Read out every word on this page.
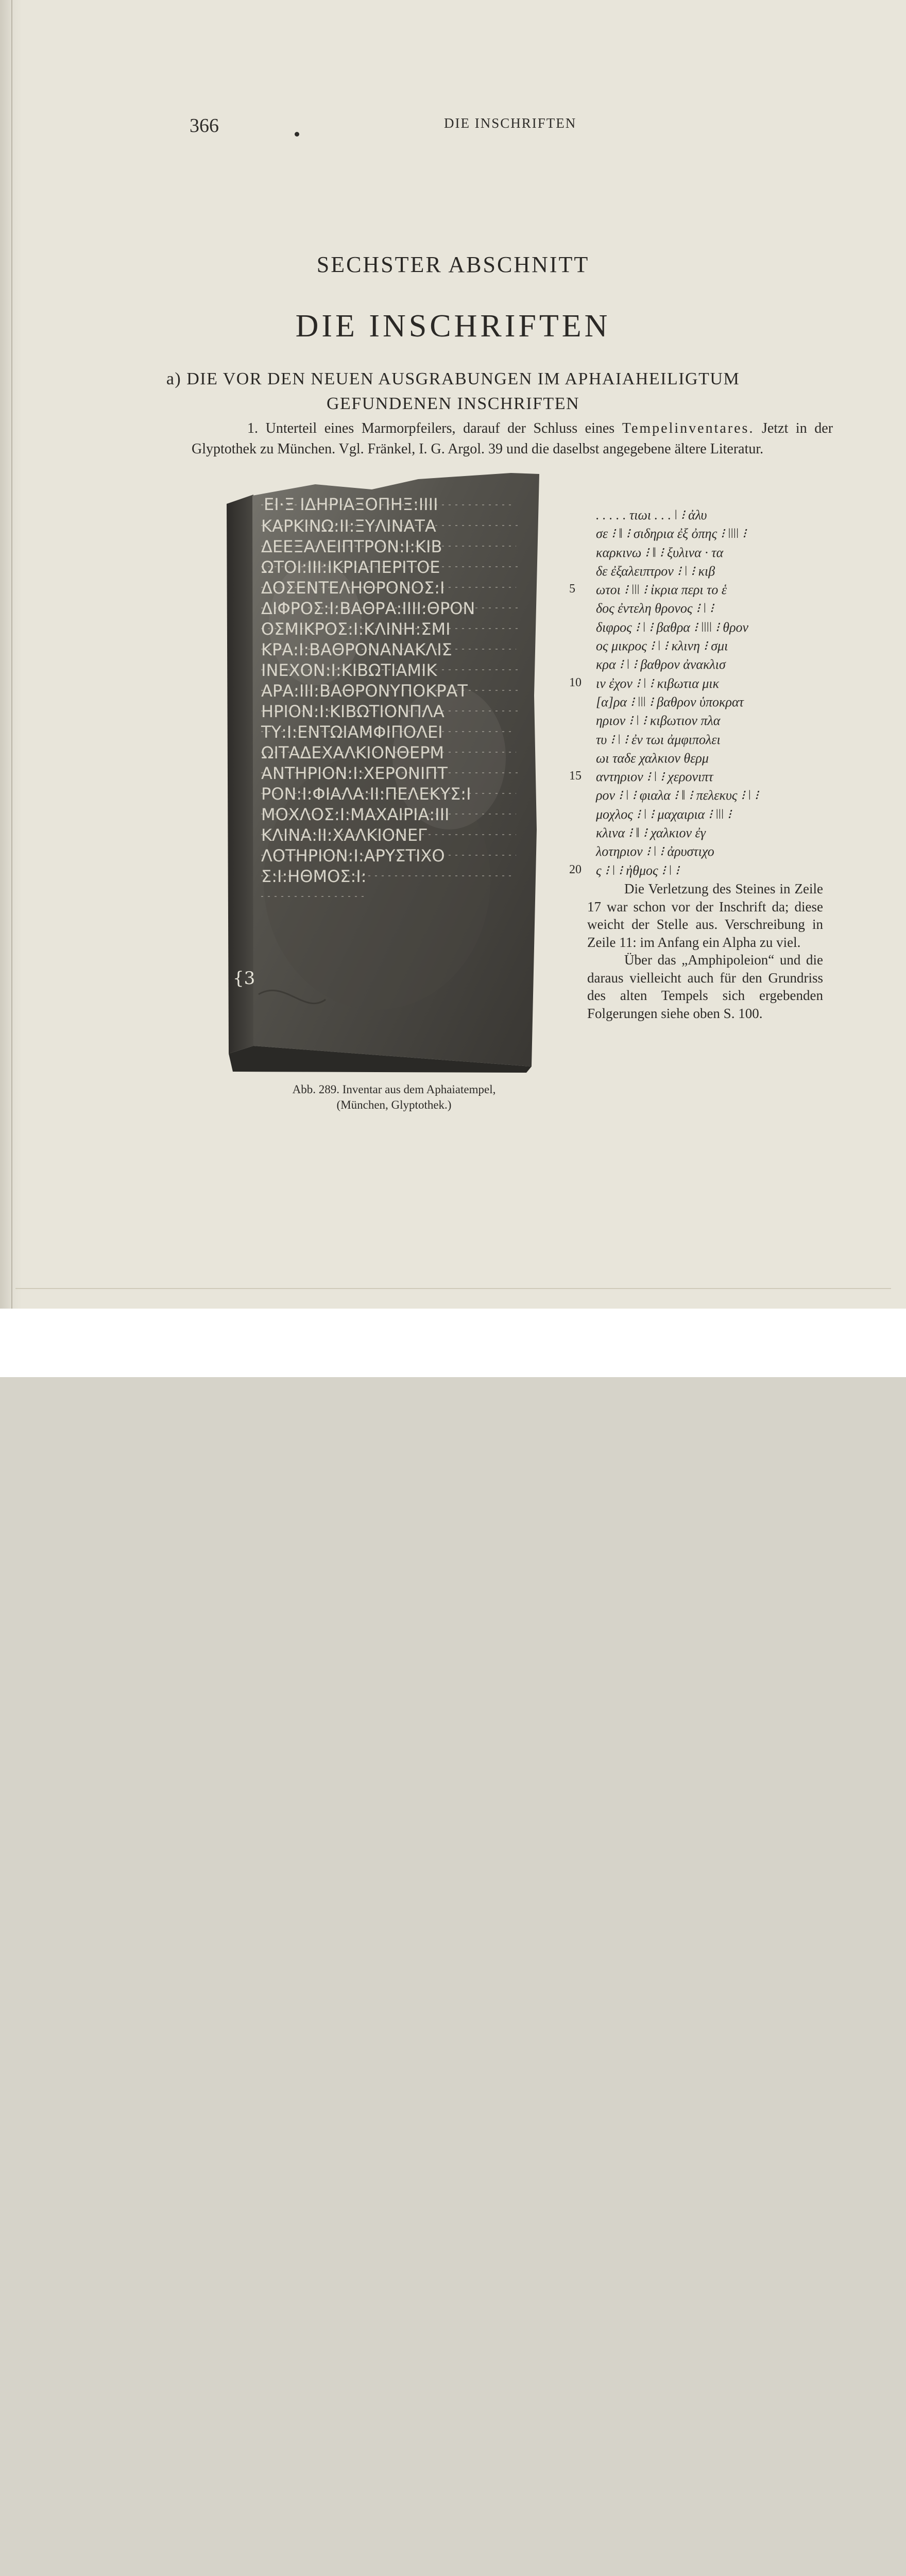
366	DIE INSCHRIFTEN
SECHSTER ABSCHNITT
DIE INSCHRIFTEN
a) DIE VOR DEN NEUEN AUSGRABUNGEN IM APHAIAHEILIGTUM
GEFUNDENEN INSCHRIFTEN
1. Unterteil eines Marmorpfeilers, darauf der Schluss eines Tempelinventares. Jetzt in der Glyptothek zu München. Vgl. Fränkel, I. G. Argol. 39 und die daselbst angegebene ältere Literatur.
ΕΙ·Ξ ΙΔΗΡΙΑΞΟΠΗΞ:IIII
ΚΑΡΚΙΝΩ:II:ΞΥΛΙΝΑΤΑ
ΔΕΕΞΑΛΕΙΠΤΡΟΝ:Ι:ΚΙΒ
ΩΤΟΙ:III:ΙΚΡΙΑΠΕΡΙΤΟΕ
ΔΟΣΕΝΤΕΛΗΘΡΟΝΟΣ:Ι
ΔΙΦΡΟΣ:Ι:ΒΑΘΡΑ:IIII:ΘΡΟΝ
ΟΣΜΙΚΡΟΣ:Ι:ΚΛΙΝΗ:ΣΜΙ
ΚΡΑ:Ι:ΒΑΘΡΟΝΑΝΑΚΛΙΣ
ΙΝΕΧΟΝ:Ι:ΚΙΒΩΤΙΑΜΙΚ
ΑΡΑ:III:ΒΑΘΡΟΝΥΠΟΚΡΑΤ
ΗΡΙΟΝ:Ι:ΚΙΒΩΤΙΟΝΠΛΑ
ΤΥ:Ι:ΕΝΤΩΙΑΜΦΙΠΟΛΕΙ
ΩΙΤΑΔΕΧΑΛΚΙΟΝΘΕΡΜ
ΑΝΤΗΡΙΟΝ:Ι:ΧΕΡΟΝΙΠΤ
ΡΟΝ:Ι:ΦΙΑΛΑ:II:ΠΕΛΕΚΥΣ:Ι
ΜΟΧΛΟΣ:Ι:ΜΑΧΑΙΡΙΑ:III
ΚΛΙΝΑ:II:ΧΑΛΚΙΟΝΕΓ
ΛΟΤΗΡΙΟΝ:Ι:ΑΡΥΣΤΙΧΟ
Σ:Ι:ΗΘΜΟΣ:Ι:
{3
Abb. 289. Inventar aus dem Aphaiatempel,
(München, Glyptothek.)
. . . . . τιωι . . . ǀ ⁝ ἀλυ
σε ⁝ ǁ ⁝ σιδηρια ἐξ ὀπης ⁝ ǀǀǀǀ ⁝
καρκινω ⁝ ǁ ⁝ ξυλινα · τα
δε ἐξαλειπτρον ⁝ ǀ ⁝ κιβ
5	ωτοι ⁝ ǀǀǀ ⁝ ἰκρια περι το ἑ
δος ἐντελη θρονος ⁝ ǀ ⁝
διφρος ⁝ ǀ ⁝ βαθρα ⁝ ǀǀǀǀ ⁝ θρον
ος μικρος ⁝ ǀ ⁝ κλινη ⁝ σμι
κρα ⁝ ǀ ⁝ βαθρον ἀνακλισ
10	ιν ἐχον ⁝ ǀ ⁝ κιβωτια μικ
[α]ρα ⁝ ǀǀǀ ⁝ βαθρον ὑποκρατ
ηριον ⁝ ǀ ⁝ κιβωτιον πλα
τυ ⁝ ǀ ⁝ ἐν τωι ἀμφιπολει
ωι ταδε χαλκιον θερμ
15	αντηριον ⁝ ǀ ⁝ χερονιπτ
ρον ⁝ ǀ ⁝ φιαλα ⁝ ǁ ⁝ πελεκυς ⁝ ǀ ⁝
μοχλος ⁝ ǀ ⁝ μαχαιρια ⁝ ǀǀǀ ⁝
κλινα ⁝ ǁ ⁝ χαλκιον ἐγ
λοτηριον ⁝ ǀ ⁝ ἀρυστιχο
20	ς ⁝ ǀ ⁝ ἠθμος ⁝ ǀ ⁝

Die Verletzung des Steines in Zeile 17 war schon vor der Inschrift da; diese weicht der Stelle aus. Verschreibung in Zeile 11: im Anfang ein Alpha zu viel.

Über das „Amphipoleion“ und die daraus vielleicht auch für den Grundriss des alten Tempels sich ergebenden Folgerungen siehe oben S. 100.
